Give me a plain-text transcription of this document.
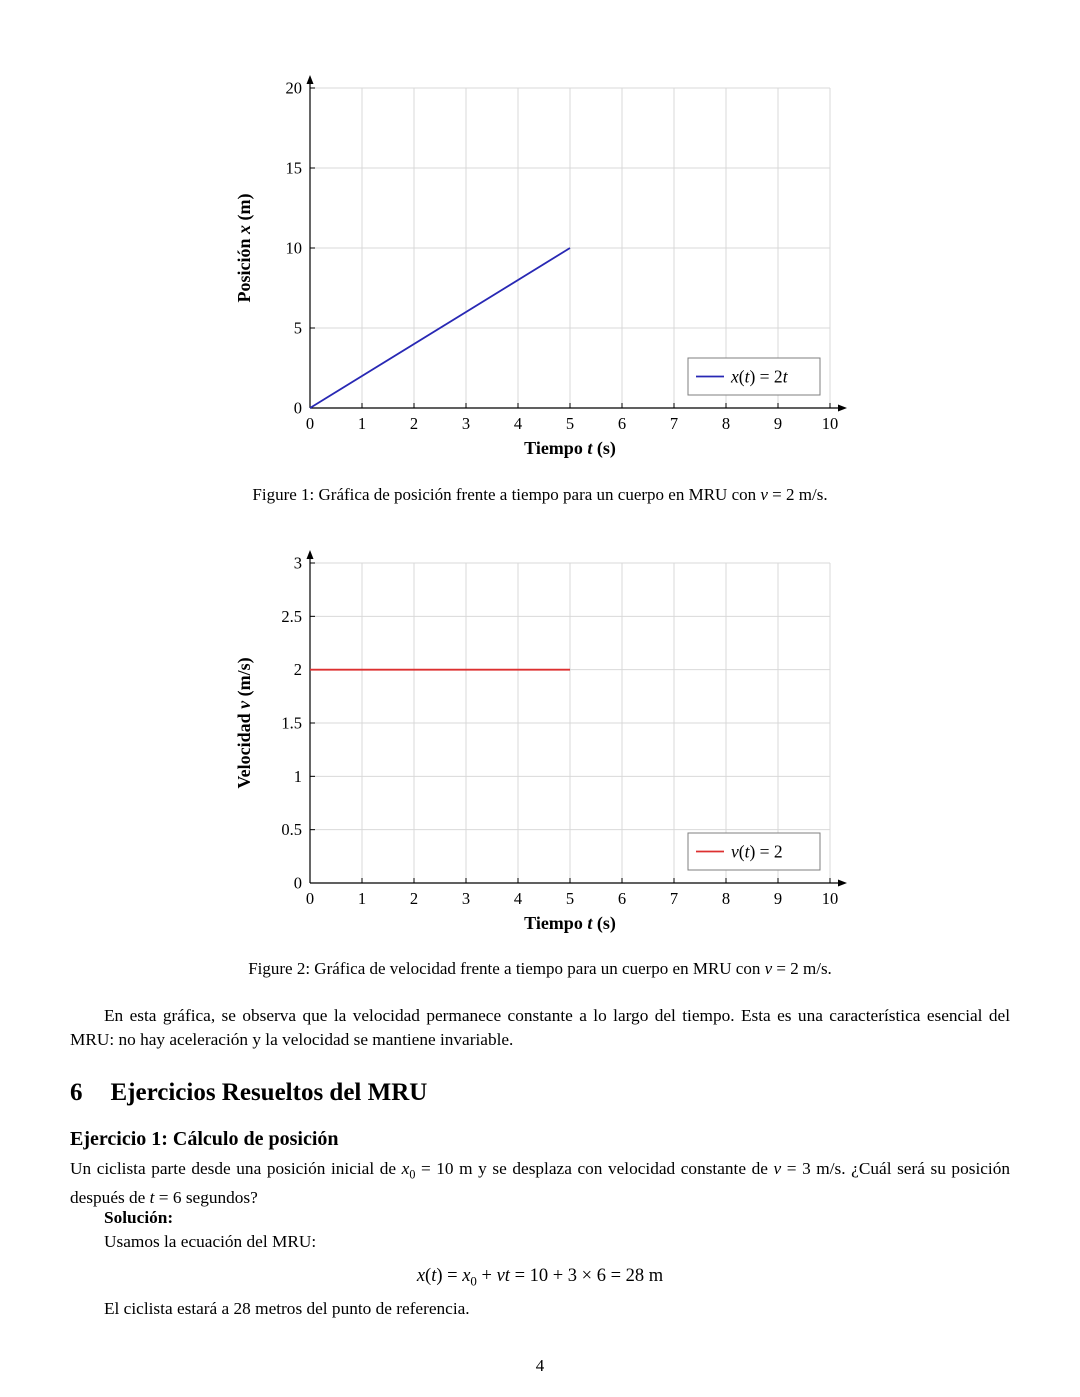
0	1	2	3	4	5	6	7	8	9 10
0
5
10
15
20
Tiempo t (s)
Posición x (m)
x(t) = 2t
Figure 1: Gráfica de posición frente a tiempo para un cuerpo en MRU con v = 2 m/s.
0	1	2	3	4	5	6	7	8	9 10
0
0.5
1
1.5
2
2.5
3
Tiempo t (s)
Velocidad v (m/s)
v(t) = 2
Figure 2: Gráfica de velocidad frente a tiempo para un cuerpo en MRU con v = 2 m/s.

En esta gráfica, se observa que la velocidad permanece constante a lo largo del tiempo. Esta es una característica esencial del MRU: no hay aceleración y la velocidad se mantiene invariable.

6 Ejercicios Resueltos del MRU
Ejercicio 1: Cálculo de posición

Un ciclista parte desde una posición inicial de $x_0 = 10$ m y se desplaza con velocidad constante de v = 3 m/s. ¿Cuál será su posición después de t = 6 segundos?

Solución:

Usamos la ecuación del MRU:

$x(t) = x_0$ + vt = 10 + 3 × 6 = 28 m

El ciclista estará a 28 metros del punto de referencia.

4
